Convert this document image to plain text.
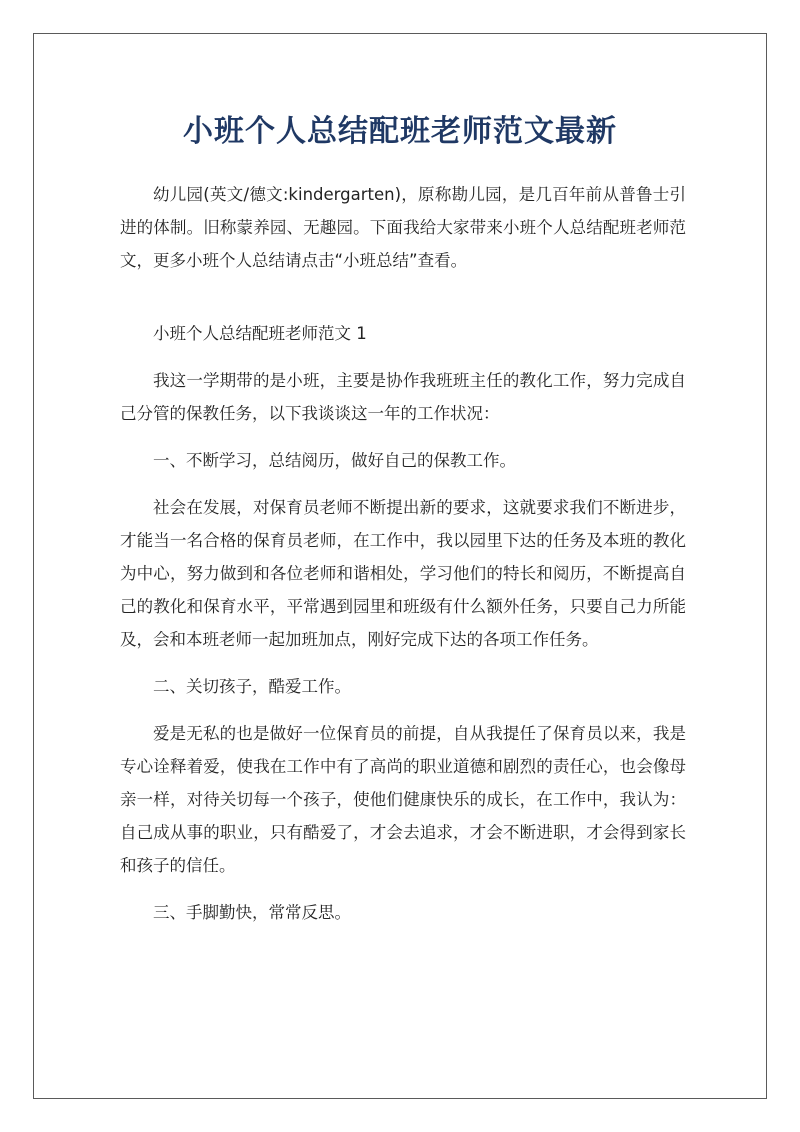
小班个人总结配班老师范文最新

幼儿园(英文/德文:kindergarten)，原称勘儿园，是几百年前从普鲁士引进的体制。旧称蒙养园、无趣园。下面我给大家带来小班个人总结配班老师范文，更多小班个人总结请点击“小班总结”查看。

小班个人总结配班老师范文 1

我这一学期带的是小班，主要是协作我班班主任的教化工作，努力完成自己分管的保教任务，以下我谈谈这一年的工作状况：

一、不断学习，总结阅历，做好自己的保教工作。

社会在发展，对保育员老师不断提出新的要求，这就要求我们不断进步，才能当一名合格的保育员老师，在工作中，我以园里下达的任务及本班的教化为中心，努力做到和各位老师和谐相处，学习他们的特长和阅历，不断提高自己的教化和保育水平，平常遇到园里和班级有什么额外任务，只要自己力所能及，会和本班老师一起加班加点，刚好完成下达的各项工作任务。

二、关切孩子，酷爱工作。

爱是无私的也是做好一位保育员的前提，自从我提任了保育员以来，我是专心诠释着爱，使我在工作中有了高尚的职业道德和剧烈的责任心，也会像母亲一样，对待关切每一个孩子，使他们健康快乐的成长，在工作中，我认为：自己成从事的职业，只有酷爱了，才会去追求，才会不断进职，才会得到家长和孩子的信任。

三、手脚勤快，常常反思。
